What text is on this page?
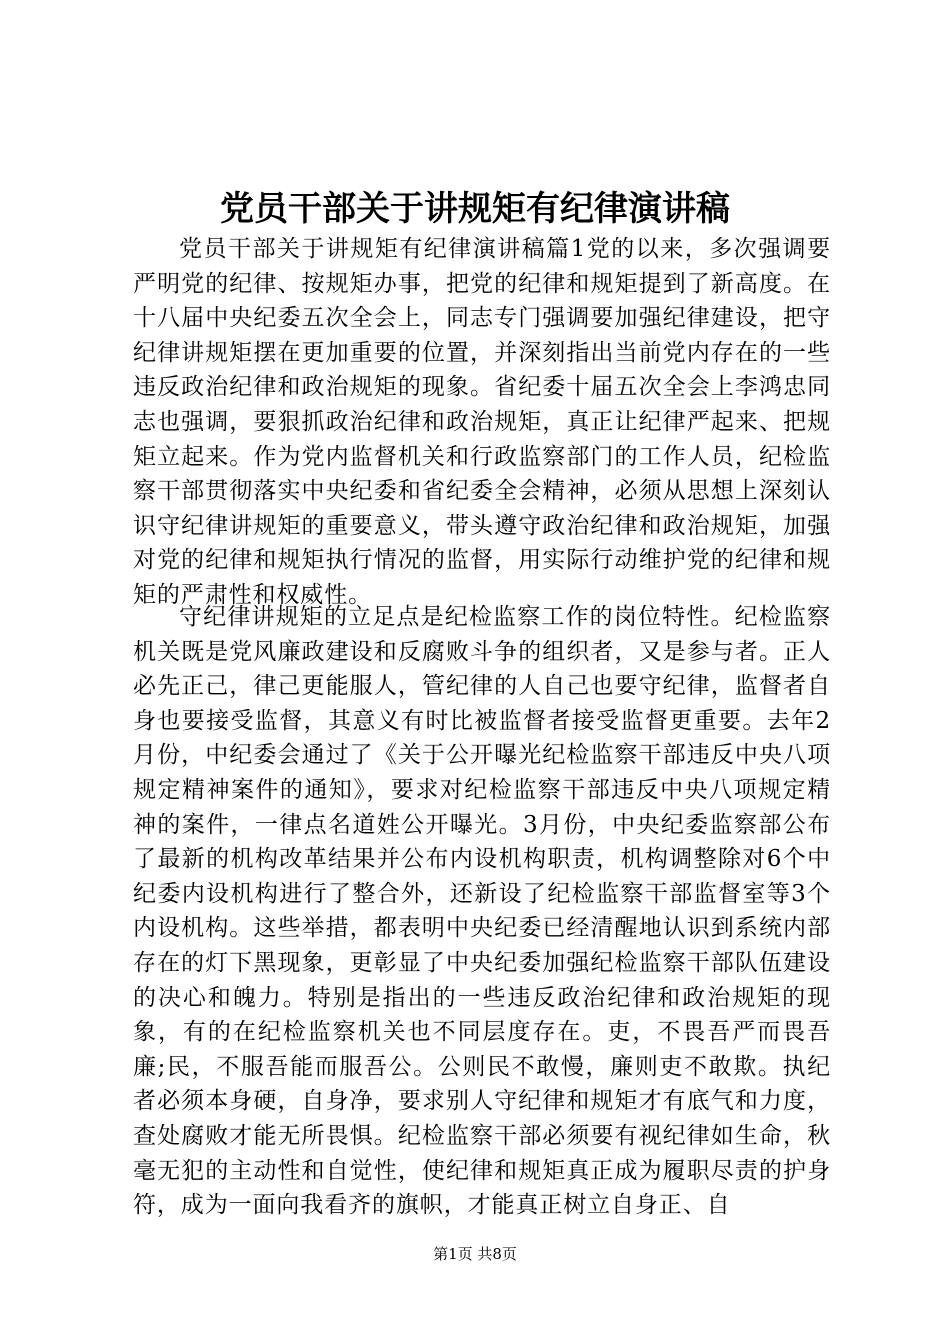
党员干部关于讲规矩有纪律演讲稿

党员干部关于讲规矩有纪律演讲稿篇1党的以来，多次强调要严明党的纪律、按规矩办事，把党的纪律和规矩提到了新高度。在十八届中央纪委五次全会上，同志专门强调要加强纪律建设，把守纪律讲规矩摆在更加重要的位置，并深刻指出当前党内存在的一些违反政治纪律和政治规矩的现象。省纪委十届五次全会上李鸿忠同志也强调，要狠抓政治纪律和政治规矩，真正让纪律严起来、把规矩立起来。作为党内监督机关和行政监察部门的工作人员，纪检监察干部贯彻落实中央纪委和省纪委全会精神，必须从思想上深刻认识守纪律讲规矩的重要意义，带头遵守政治纪律和政治规矩，加强对党的纪律和规矩执行情况的监督，用实际行动维护党的纪律和规矩的严肃性和权威性。

守纪律讲规矩的立足点是纪检监察工作的岗位特性。纪检监察机关既是党风廉政建设和反腐败斗争的组织者，又是参与者。正人必先正己，律己更能服人，管纪律的人自己也要守纪律，监督者自身也要接受监督，其意义有时比被监督者接受监督更重要。去年2月份，中纪委会通过了《关于公开曝光纪检监察干部违反中央八项规定精神案件的通知》，要求对纪检监察干部违反中央八项规定精神的案件，一律点名道姓公开曝光。3月份，中央纪委监察部公布了最新的机构改革结果并公布内设机构职责，机构调整除对6个中纪委内设机构进行了整合外，还新设了纪检监察干部监督室等3个内设机构。这些举措，都表明中央纪委已经清醒地认识到系统内部存在的灯下黑现象，更彰显了中央纪委加强纪检监察干部队伍建设的决心和魄力。特别是指出的一些违反政治纪律和政治规矩的现象，有的在纪检监察机关也不同层度存在。吏，不畏吾严而畏吾廉;民，不服吾能而服吾公。公则民不敢慢，廉则吏不敢欺。执纪者必须本身硬，自身净，要求别人守纪律和规矩才有底气和力度，查处腐败才能无所畏惧。纪检监察干部必须要有视纪律如生命，秋毫无犯的主动性和自觉性，使纪律和规矩真正成为履职尽责的护身符，成为一面向我看齐的旗帜，才能真正树立自身正、自

第1页 共8页
